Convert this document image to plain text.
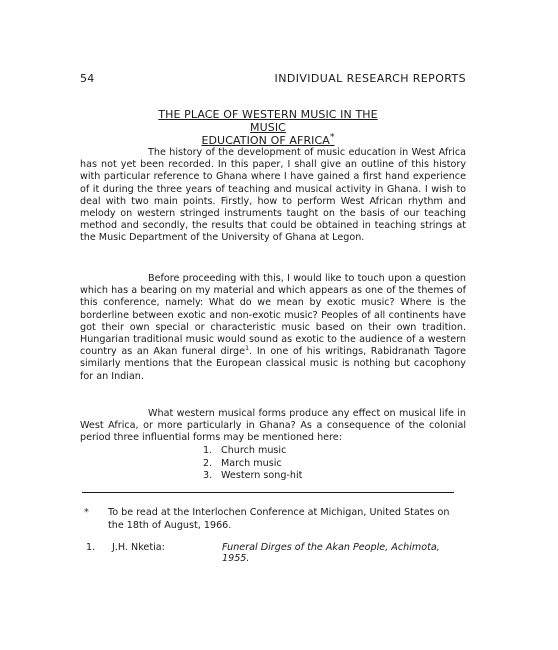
54	INDIVIDUAL RESEARCH REPORTS
THE PLACE OF WESTERN MUSIC IN THE MUSIC
EDUCATION OF AFRICA*
The history of the development of music education in West Africa has not yet been recorded. In this paper, I shall give an outline of this history with particular reference to Ghana where I have gained a first hand experience of it during the three years of teaching and musical activity in Ghana. I wish to deal with two main points. Firstly, how to perform West African rhythm and melody on western stringed instruments taught on the basis of our teaching method and secondly, the results that could be obtained in teaching strings at the Music Department of the University of Ghana at Legon.
Before proceeding with this, I would like to touch upon a question which has a bearing on my material and which appears as one of the themes of this conference, namely: What do we mean by exotic music? Where is the borderline between exotic and non-exotic music? Peoples of all continents have got their own special or characteristic music based on their own tradition. Hungarian traditional music would sound as exotic to the audience of a western country as an Akan funeral dirge$^1$. In one of his writings, Rabidranath Tagore similarly mentions that the European classical music is nothing but cacophony for an Indian.
What western musical forms produce any effect on musical life in West Africa, or more particularly in Ghana? As a consequence of the colonial period three influential forms may be mentioned here:
1. Church music
2. March music
3. Western song-hit
*	To be read at the Interlochen Conference at Michigan, United States on the 18th of August, 1966.
1.	J.H. Nketia:	Funeral Dirges of the Akan People, Achimota, 1955.
